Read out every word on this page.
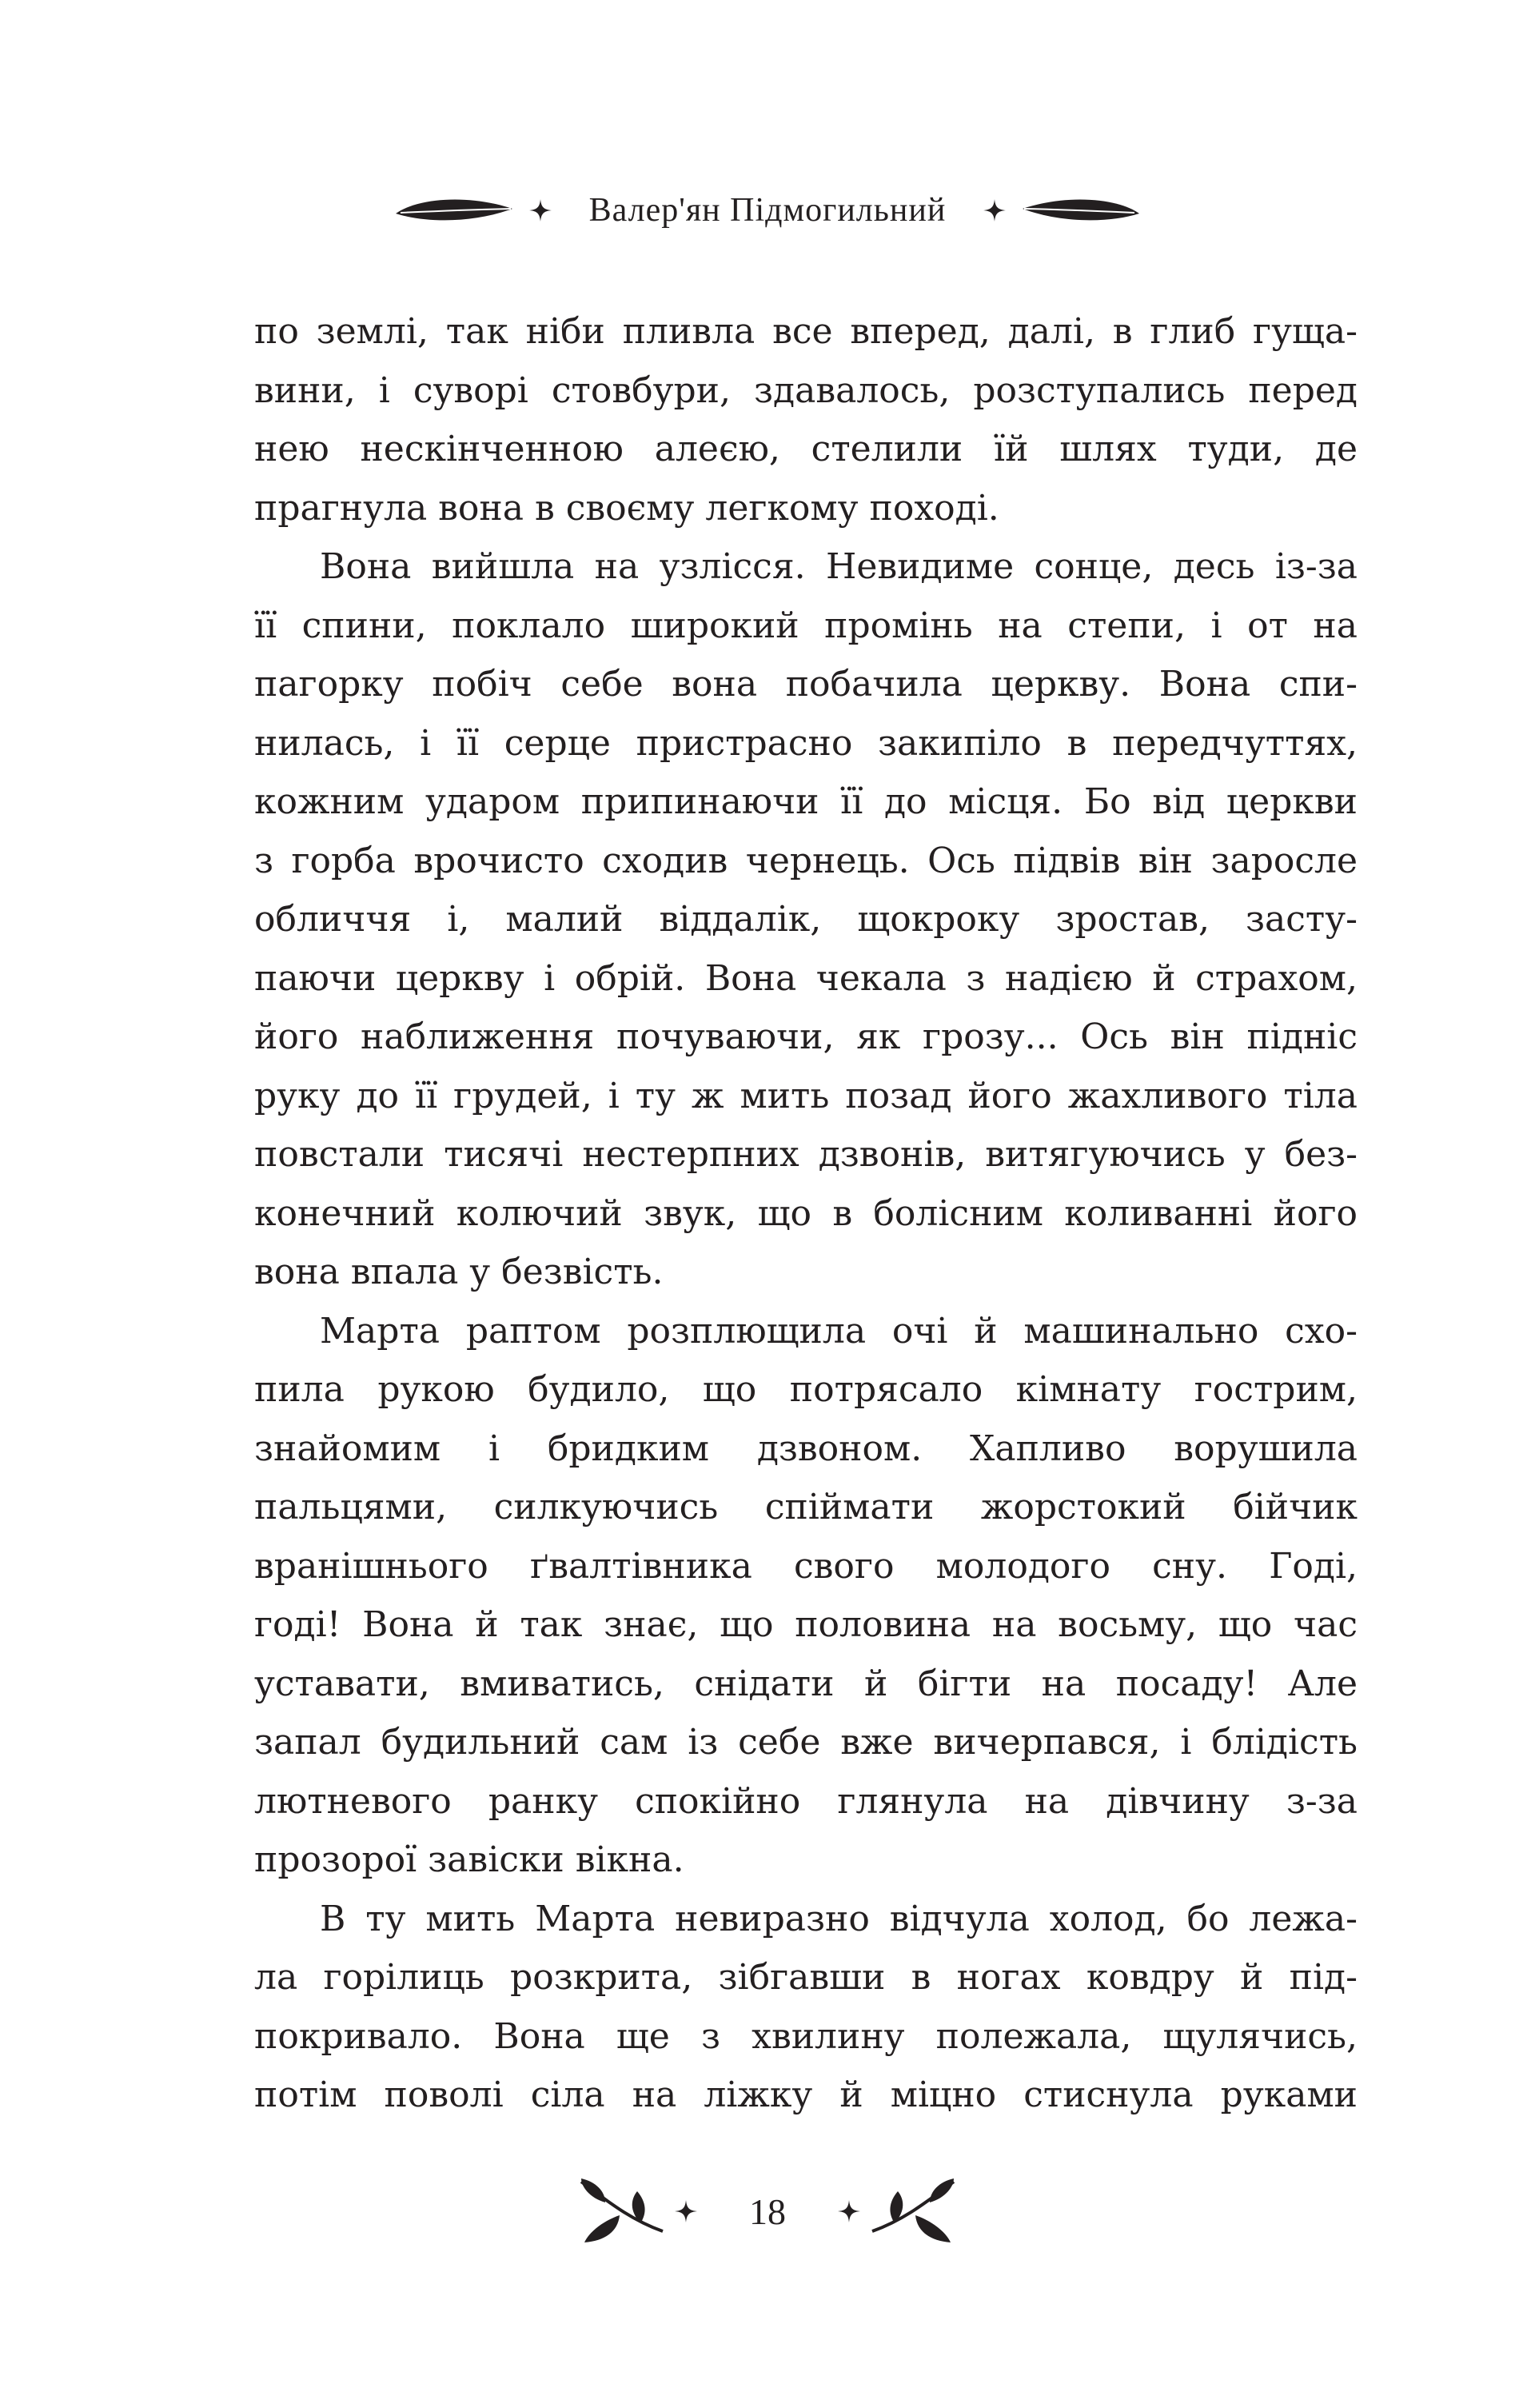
Валер'ян Підмогильний
по землі, так ніби пливла все вперед, далі, в глиб гуща-
вини, і суворі стовбури, здавалось, розступались перед
нею нескінченною алеєю, стелили їй шлях туди, де
прагнула вона в своєму легкому поході.
Вона вийшла на узлісся. Невидиме сонце, десь із-за
її спини, поклало широкий промінь на степи, і от на
пагорку побіч себе вона побачила церкву. Вона спи-
нилась, і її серце пристрасно закипіло в передчуттях,
кожним ударом припинаючи її до місця. Бо від церкви
з горба врочисто сходив чернець. Ось підвів він заросле
обличчя і, малий віддалік, щокроку зростав, засту-
паючи церкву і обрій. Вона чекала з надією й страхом,
його наближення почуваючи, як грозу... Ось він підніс
руку до її грудей, і ту ж мить позад його жахливого тіла
повстали тисячі нестерпних дзвонів, витягуючись у без-
конечний колючий звук, що в болісним коливанні його
вона впала у безвість.
Марта раптом розплющила очі й машинально схо-
пила рукою будило, що потрясало кімнату гострим,
знайомим і бридким дзвоном. Хапливо ворушила
пальцями, силкуючись спіймати жорстокий бійчик
вранішнього ґвалтівника свого молодого сну. Годі,
годі! Вона й так знає, що половина на восьму, що час
уставати, вмиватись, снідати й бігти на посаду! Але
запал будильний сам із себе вже вичерпався, і блідість
лютневого ранку спокійно глянула на дівчину з-за
прозорої завіски вікна.
В ту мить Марта невиразно відчула холод, бо лежа-
ла горілиць розкрита, зібгавши в ногах ковдру й під-
покривало. Вона ще з хвилину полежала, щулячись,
потім поволі сіла на ліжку й міцно стиснула руками
18
